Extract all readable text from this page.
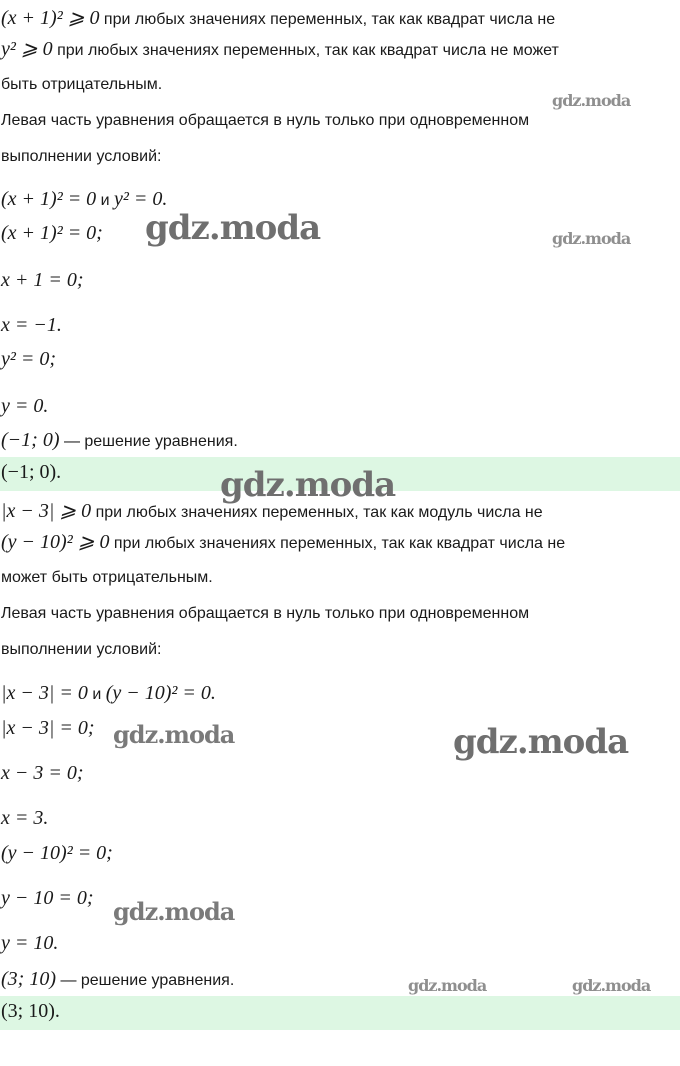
(x + 1)² ⩾ 0 при любых значениях переменных, так как квадрат числа не
y² ⩾ 0 при любых значениях переменных, так как квадрат числа не может
быть отрицательным.
Левая часть уравнения обращается в нуль только при одновременном
выполнении условий:
(x + 1)² = 0 и y² = 0.
(x + 1)² = 0;
x + 1 = 0;
x = −1.
y² = 0;
y = 0.
(−1; 0) — решение уравнения.
(−1; 0).
|x − 3| ⩾ 0 при любых значениях переменных, так как модуль числа не
(y − 10)² ⩾ 0 при любых значениях переменных, так как квадрат числа не
может быть отрицательным.
Левая часть уравнения обращается в нуль только при одновременном
выполнении условий:
|x − 3| = 0 и (y − 10)² = 0.
|x − 3| = 0;
x − 3 = 0;
x = 3.
(y − 10)² = 0;
y − 10 = 0;
y = 10.
(3; 10) — решение уравнения.
(3; 10).
gdz.moda
gdz.moda	gdz.moda
gdz.moda
gdz.moda	gdz.moda
gdz.moda
gdz.moda	gdz.moda
